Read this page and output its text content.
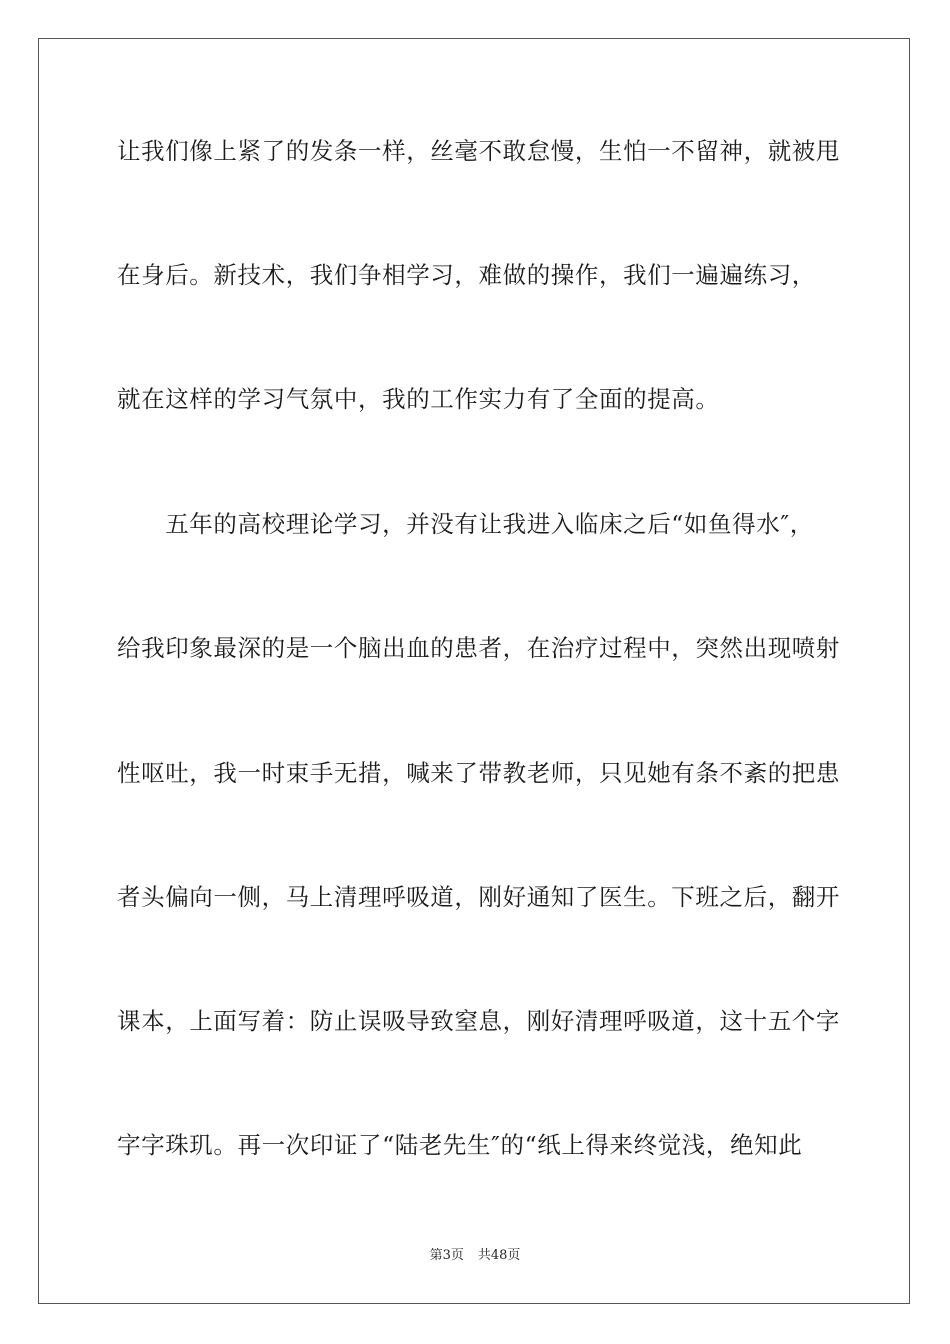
让我们像上紧了的发条一样，丝毫不敢怠慢，生怕一不留神，就被甩
在身后。新技术，我们争相学习，难做的操作，我们一遍遍练习，
就在这样的学习气氛中，我的工作实力有了全面的提高。
　　五年的高校理论学习，并没有让我进入临床之后“如鱼得水″，
给我印象最深的是一个脑出血的患者，在治疗过程中，突然出现喷射
性呕吐，我一时束手无措，喊来了带教老师，只见她有条不紊的把患
者头偏向一侧，马上清理呼吸道，刚好通知了医生。下班之后，翻开
课本，上面写着：防止误吸导致窒息，刚好清理呼吸道，这十五个字
字字珠玑。再一次印证了“陆老先生″的“纸上得来终觉浅，绝知此
第3页 共48页
